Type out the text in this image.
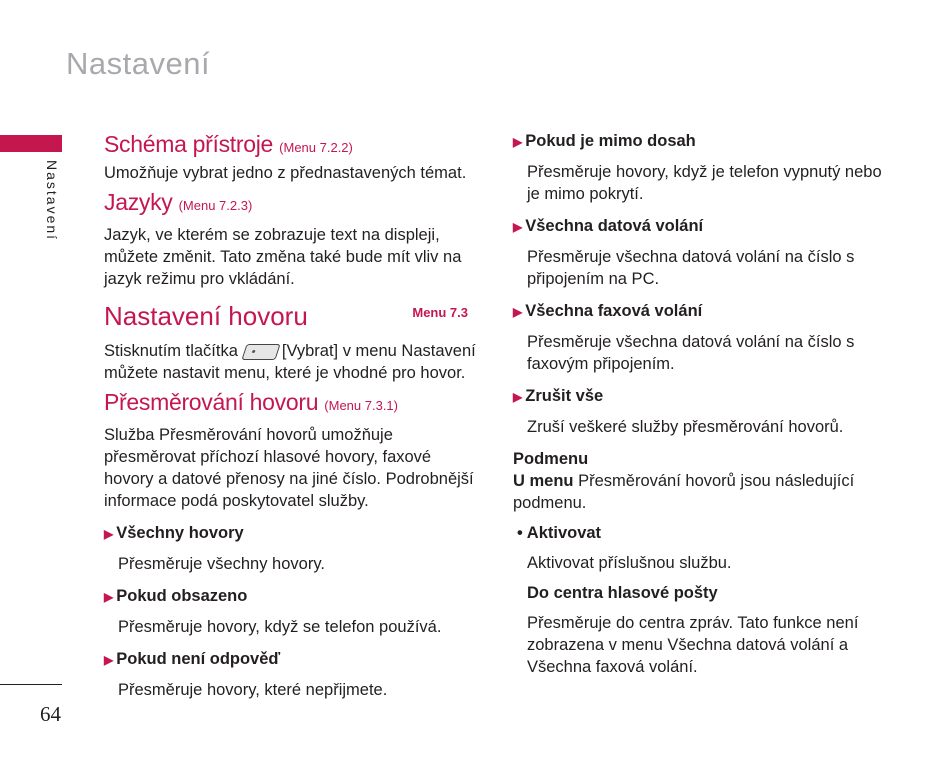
Nastavení
Nastavení
64
Schéma přístroje (Menu 7.2.2)

Umožňuje vybrat jedno z přednastavených témat.

Jazyky (Menu 7.2.3)

Jazyk, ve kterém se zobrazuje text na displeji, můžete změnit. Tato změna také bude mít vliv na jazyk režimu pro vkládání.

Nastavení hovoru	Menu 7.3

Stisknutím tlačítka	[Vybrat] v menu Nastavení můžete nastavit menu, které je vhodné pro hovor.

Přesměrování hovoru (Menu 7.3.1)

Služba Přesměrování hovorů umožňuje přesměrovat příchozí hlasové hovory, faxové hovory a datové přenosy na jiné číslo. Podrobnější informace podá poskytovatel služby.

▶ Všechny hovory

Přesměruje všechny hovory.

▶ Pokud obsazeno

Přesměruje hovory, když se telefon používá.

▶ Pokud není odpověď

Přesměruje hovory, které nepřijmete.

▶ Pokud je mimo dosah

Přesměruje hovory, když je telefon vypnutý nebo je mimo pokrytí.

▶ Všechna datová volání

Přesměruje všechna datová volání na číslo s připojením na PC.

▶ Všechna faxová volání

Přesměruje všechna datová volání na číslo s faxovým připojením.

▶ Zrušit vše

Zruší veškeré služby přesměrování hovorů.

Podmenu

U menu Přesměrování hovorů jsou následující podmenu.

• Aktivovat

Aktivovat příslušnou službu.

Do centra hlasové pošty

Přesměruje do centra zpráv. Tato funkce není zobrazena v menu Všechna datová volání a Všechna faxová volání.
